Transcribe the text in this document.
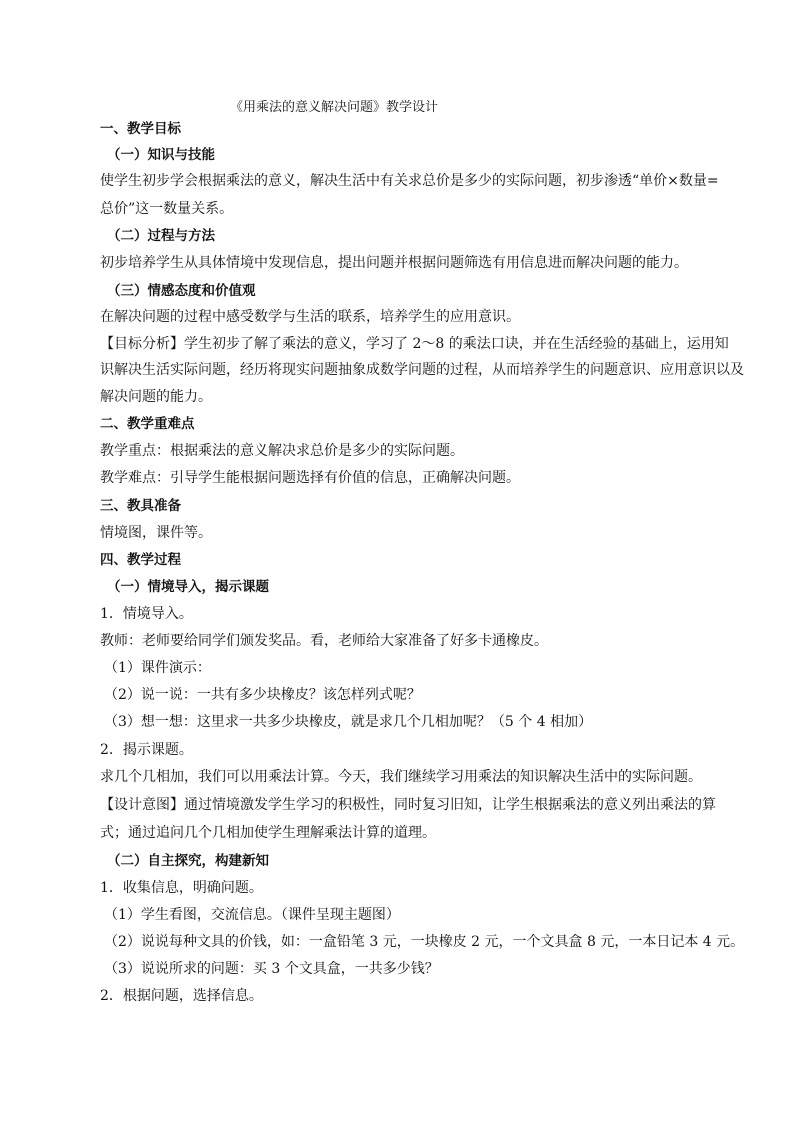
《用乘法的意义解决问题》教学设计
一、教学目标
（一）知识与技能
使学生初步学会根据乘法的意义，解决生活中有关求总价是多少的实际问题，初步渗透“单价×数量=
总价”这一数量关系。
（二）过程与方法
初步培养学生从具体情境中发现信息，提出问题并根据问题筛选有用信息进而解决问题的能力。
（三）情感态度和价值观
在解决问题的过程中感受数学与生活的联系，培养学生的应用意识。
【目标分析】学生初步了解了乘法的意义，学习了 2～8 的乘法口诀，并在生活经验的基础上，运用知
识解决生活实际问题，经历将现实问题抽象成数学问题的过程，从而培养学生的问题意识、应用意识以及
解决问题的能力。
二、教学重难点
教学重点：根据乘法的意义解决求总价是多少的实际问题。
教学难点：引导学生能根据问题选择有价值的信息，正确解决问题。
三、教具准备
情境图，课件等。
四、教学过程
（一）情境导入，揭示课题
1．情境导入。
教师：老师要给同学们颁发奖品。看，老师给大家准备了好多卡通橡皮。
（1）课件演示：
（2）说一说：一共有多少块橡皮？该怎样列式呢？
（3）想一想：这里求一共多少块橡皮，就是求几个几相加呢？（5 个 4 相加）
2．揭示课题。
求几个几相加，我们可以用乘法计算。今天，我们继续学习用乘法的知识解决生活中的实际问题。
【设计意图】通过情境激发学生学习的积极性，同时复习旧知，让学生根据乘法的意义列出乘法的算
式；通过追问几个几相加使学生理解乘法计算的道理。
（二）自主探究，构建新知
1．收集信息，明确问题。
（1）学生看图，交流信息。（课件呈现主题图）
（2）说说每种文具的价钱，如：一盒铅笔 3 元，一块橡皮 2 元，一个文具盒 8 元，一本日记本 4 元。
（3）说说所求的问题：买 3 个文具盒，一共多少钱？
2．根据问题，选择信息。
